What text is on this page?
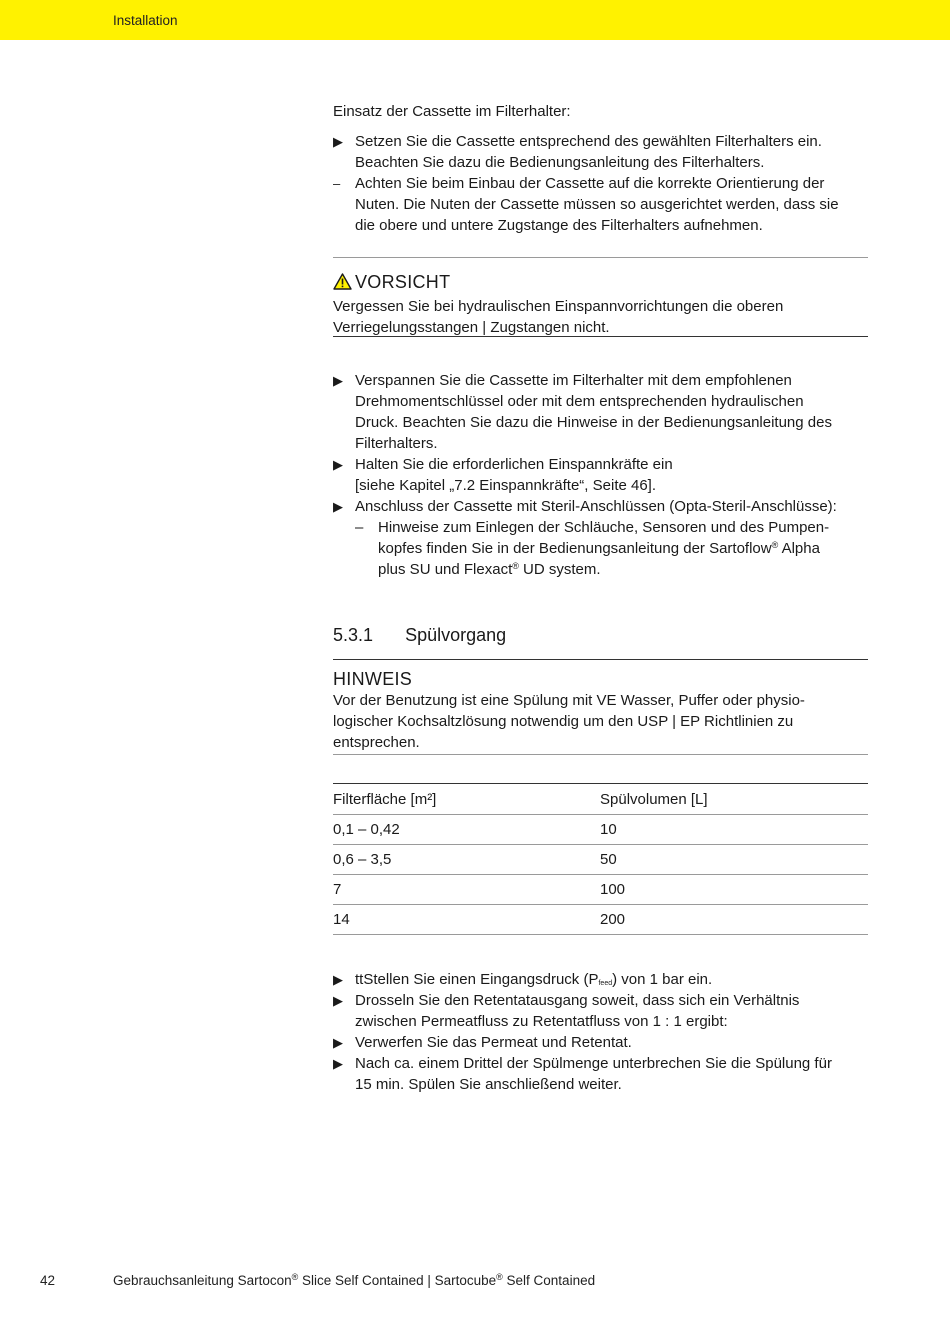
Installation

Einsatz der Cassette im Filterhalter:

▶ Setzen Sie die Cassette entsprechend des gewählten Filterhalters ein.

Beachten Sie dazu die Bedienungsanleitung des Filterhalters.

– Achten Sie beim Einbau der Cassette auf die korrekte Orientierung der

Nuten. Die Nuten der Cassette müssen so ausgerichtet werden, dass sie

die obere und untere Zugstange des Filterhalters aufnehmen.

VORSICHT

Vergessen Sie bei hydraulischen Einspannvorrichtungen die oberen

Verriegelungsstangen | Zugstangen nicht.

▶ Verspannen Sie die Cassette im Filterhalter mit dem empfohlenen

Drehmomentschlüssel oder mit dem entsprechenden hydraulischen

Druck. Beachten Sie dazu die Hinweise in der Bedienungsanleitung des

Filterhalters.

▶ Halten Sie die erforderlichen Einspannkräfte ein

[siehe Kapitel „7.2 Einspannkräfte“, Seite 46].

▶ Anschluss der Cassette mit Steril-Anschlüssen (Opta-Steril-Anschlüsse):

– Hinweise zum Einlegen der Schläuche, Sensoren und des Pumpen-

kopfes finden Sie in der Bedienungsanleitung der Sartoflow® Alpha

plus SU und Flexact® UD system.

5.3.1 Spülvorgang

HINWEIS

Vor der Benutzung ist eine Spülung mit VE Wasser, Puffer oder physio-

logischer Kochsaltzlösung notwendig um den USP | EP Richtlinien zu

entsprechen.

Filterfläche [m²]	Spülvolumen [L]
0,1 – 0,42	10
0,6 – 3,5	50
7	100
14	200
▶ ttStellen Sie einen Eingangsdruck $(P_{feed})$ von 1 bar ein.

▶ Drosseln Sie den Retentatausgang soweit, dass sich ein Verhältnis

zwischen Permeatfluss zu Retentatfluss von 1 : 1 ergibt:

▶ Verwerfen Sie das Permeat und Retentat.

▶ Nach ca. einem Drittel der Spülmenge unterbrechen Sie die Spülung für

15 min. Spülen Sie anschließend weiter.

42	Gebrauchsanleitung Sartocon® Slice Self Contained | Sartocube® Self Contained
